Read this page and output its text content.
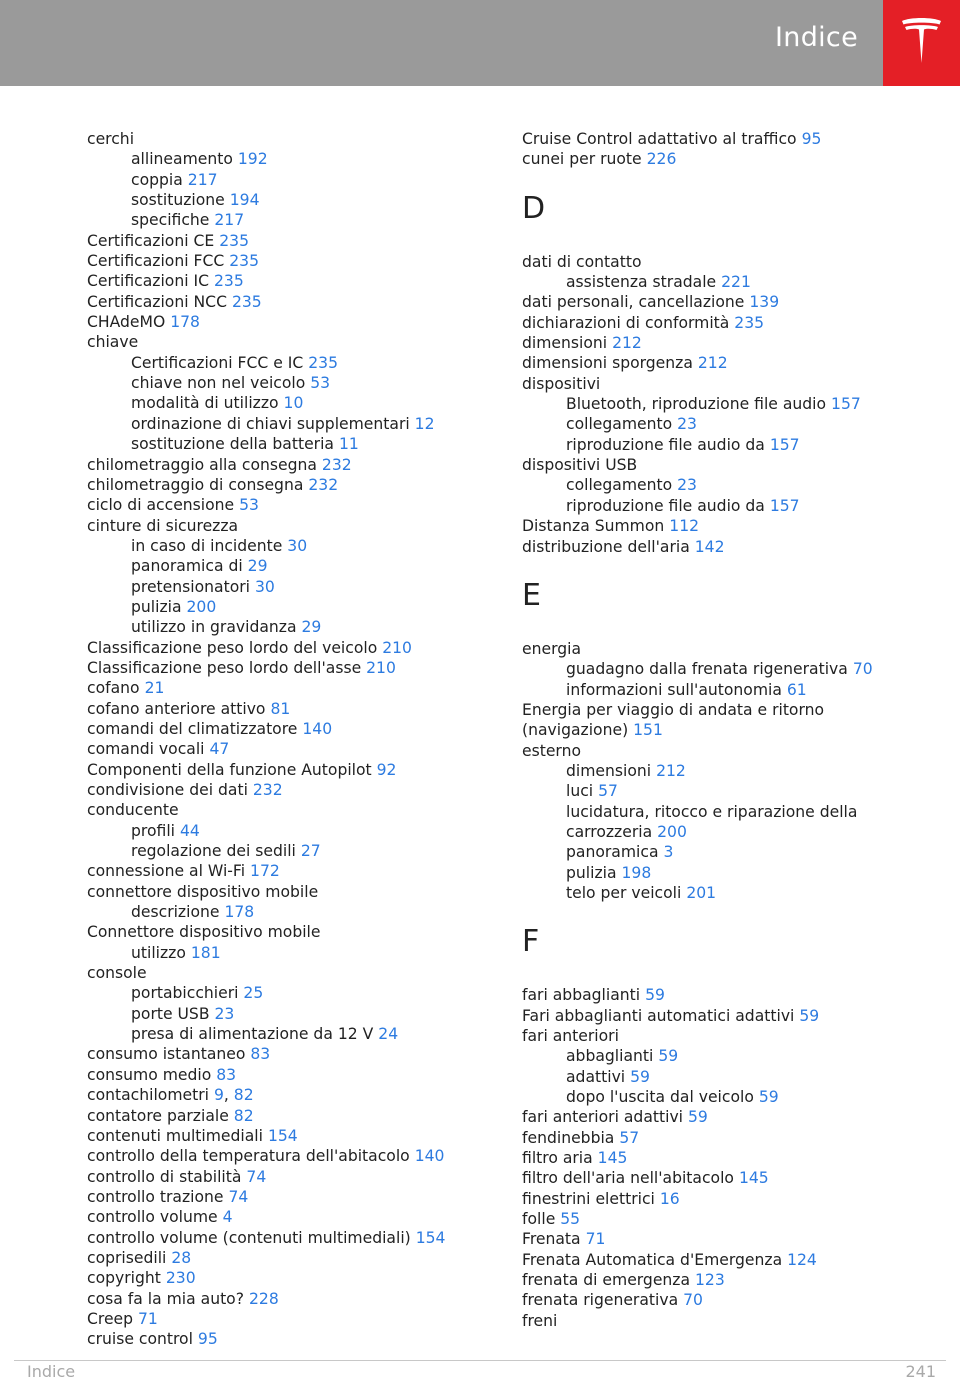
Indice
cerchi
allineamento 192
coppia 217
sostituzione 194
specifiche 217
Certificazioni CE 235
Certificazioni FCC 235
Certificazioni IC 235
Certificazioni NCC 235
CHAdeMO 178
chiave
Certificazioni FCC e IC 235
chiave non nel veicolo 53
modalità di utilizzo 10
ordinazione di chiavi supplementari 12
sostituzione della batteria 11
chilometraggio alla consegna 232
chilometraggio di consegna 232
ciclo di accensione 53
cinture di sicurezza
in caso di incidente 30
panoramica di 29
pretensionatori 30
pulizia 200
utilizzo in gravidanza 29
Classificazione peso lordo del veicolo 210
Classificazione peso lordo dell'asse 210
cofano 21
cofano anteriore attivo 81
comandi del climatizzatore 140
comandi vocali 47
Componenti della funzione Autopilot 92
condivisione dei dati 232
conducente
profili 44
regolazione dei sedili 27
connessione al Wi-Fi 172
connettore dispositivo mobile
descrizione 178
Connettore dispositivo mobile
utilizzo 181
console
portabicchieri 25
porte USB 23
presa di alimentazione da 12 V 24
consumo istantaneo 83
consumo medio 83
contachilometri 9, 82
contatore parziale 82
contenuti multimediali 154
controllo della temperatura dell'abitacolo 140
controllo di stabilità 74
controllo trazione 74
controllo volume 4
controllo volume (contenuti multimediali) 154
coprisedili 28
copyright 230
cosa fa la mia auto? 228
Creep 71
cruise control 95
Cruise Control adattativo al traffico 95
cunei per ruote 226
D
dati di contatto
assistenza stradale 221
dati personali, cancellazione 139
dichiarazioni di conformità 235
dimensioni 212
dimensioni sporgenza 212
dispositivi
Bluetooth, riproduzione file audio 157
collegamento 23
riproduzione file audio da 157
dispositivi USB
collegamento 23
riproduzione file audio da 157
Distanza Summon 112
distribuzione dell'aria 142
E
energia
guadagno dalla frenata rigenerativa 70
informazioni sull'autonomia 61
Energia per viaggio di andata e ritorno
(navigazione) 151
esterno
dimensioni 212
luci 57
lucidatura, ritocco e riparazione della
carrozzeria 200
panoramica 3
pulizia 198
telo per veicoli 201
F
fari abbaglianti 59
Fari abbaglianti automatici adattivi 59
fari anteriori
abbaglianti 59
adattivi 59
dopo l'uscita dal veicolo 59
fari anteriori adattivi 59
fendinebbia 57
filtro aria 145
filtro dell'aria nell'abitacolo 145
finestrini elettrici 16
folle 55
Frenata 71
Frenata Automatica d'Emergenza 124
frenata di emergenza 123
frenata rigenerativa 70
freni
Indice	241
